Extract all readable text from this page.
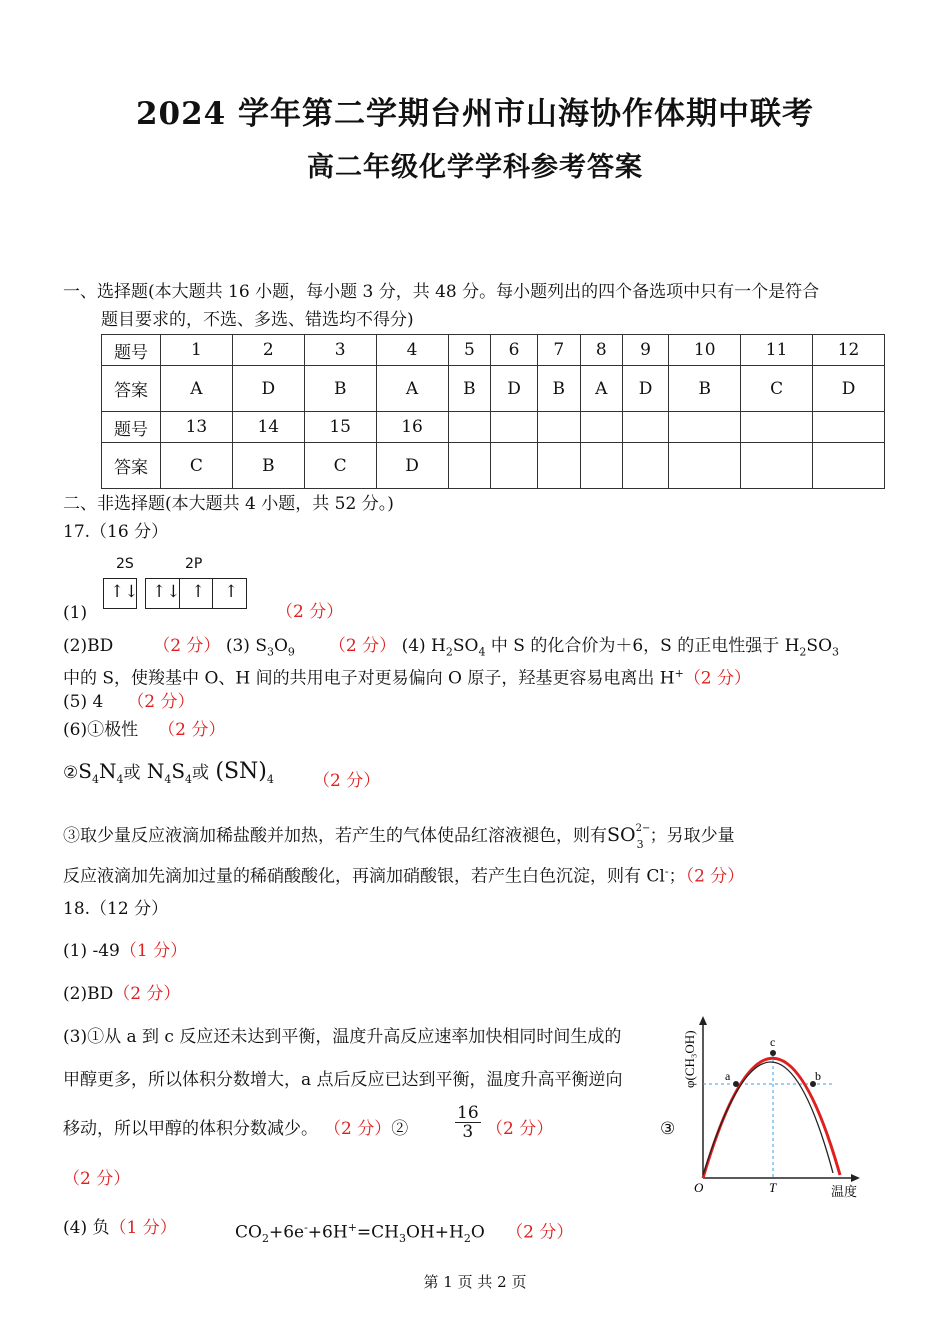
2024 学年第二学期台州市山海协作体期中联考
高二年级化学学科参考答案
一、选择题(本大题共 16 小题，每小题 3 分，共 48 分。每小题列出的四个备选项中只有一个是符合
题目要求的，不选、多选、错选均不得分)
题号	1	2	3	4	5	6	7	8	9	10	11	12
答案	A	D	B	A	B	D	B	A	D	B	C	D
题号	13	14	15	16								
答案	C	B	C	D								
二、非选择题(本大题共 4 小题，共 52 分。)
17.（16 分）
2S	2P
↑↓ ↑↓ ↑ ↑
(1)	（2 分）
(2)BD （2 分） (3) $S_3O_9$ （2 分） (4) $H_2SO_4$ 中 S 的化合价为＋6，S 的正电性强于 $H_2SO_3$
中的 S，使羧基中 O、H 间的共用电子对更易偏向 O 原子，羟基更容易电离出 H+（2 分）
(5) 4 （2 分）
(6)①极性 （2 分）
$②S_4N_4$或 $N_4S_4$或 $(SN)_4$ （2 分）
③取少量反应液滴加稀盐酸并加热，若产生的气体使品红溶液褪色，则有SO 2−
3 ；另取少量
反应液滴加先滴加过量的稀硝酸酸化，再滴加硝酸银，若产生白色沉淀，则有 Cl-；（2 分）
18.（12 分）
(1) -49（1 分）
(2)BD（2 分）
(3)①从 a 到 c 反应还未达到平衡，温度升高反应速率加快相同时间生成的
甲醇更多，所以体积分数增大，a 点后反应已达到平衡，温度升高平衡逆向
移动，所以甲醇的体积分数减少。 （2 分）②	$\frac{16}{3} (2$ 分）	③
（2 分）
(4) 负（1 分）	$CO_2+6e^-+6H^+=CH_3OH+H_2O$ （2 分）
a
c
b
O	T	温度
φ(CH₃OH)
第 1 页 共 2 页
